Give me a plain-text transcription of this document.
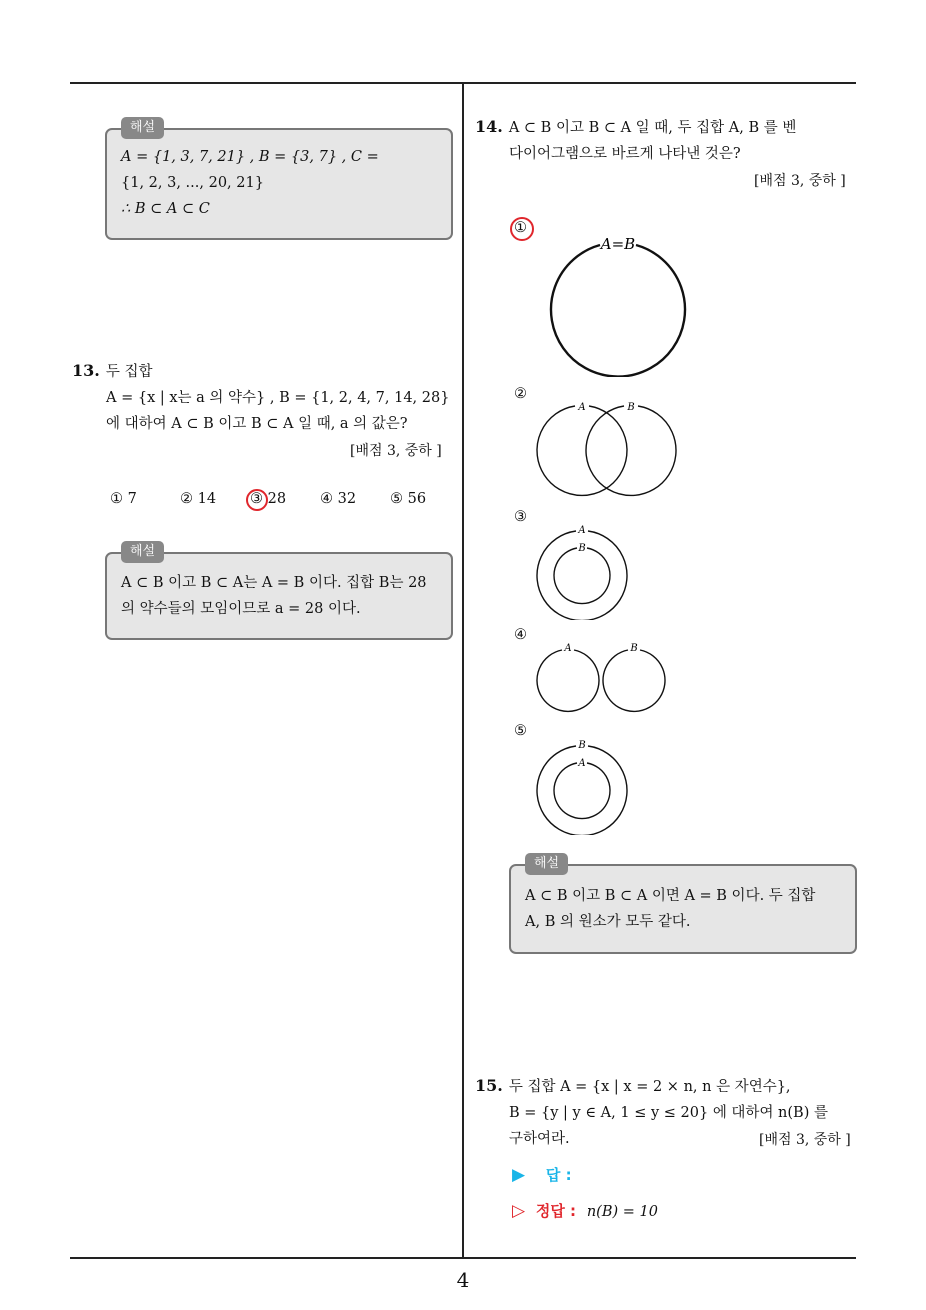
해설
A = {1, 3, 7, 21} , B = {3, 7} , C =
{1, 2, 3, ..., 20, 21}
∴ B ⊂ A ⊂ C
13. 두 집합
A = {x | x는 a 의 약수} , B = {1, 2, 4, 7, 14, 28}
에 대하여 A ⊂ B 이고 B ⊂ A 일 때, a 의 값은?
[배점 3, 중하 ]
① 7	② 14 ③ 28 ④ 32 ⑤ 56
해설
A ⊂ B 이고 B ⊂ A는 A = B 이다. 집합 B는 28
의 약수들의 모임이므로 a = 28 이다.
14. A ⊂ B 이고 B ⊂ A 일 때, 두 집합 A, B 를 벤
다이어그램으로 바르게 나타낸 것은?
[배점 3, 중하 ]
①
②
③
④
⑤
A=B
A	B
A
B
A	B
B
A
해설
A ⊂ B 이고 B ⊂ A 이면 A = B 이다. 두 집합
A, B 의 원소가 모두 같다.
15. 두 집합 A = {x | x = 2 × n, n 은 자연수},
B = {y | y ∈ A, 1 ≤ y ≤ 20} 에 대하여 n(B) 를
구하여라.	[배점 3, 중하 ]
▶ 답 :
▷ 정답 : n(B) = 10
4
